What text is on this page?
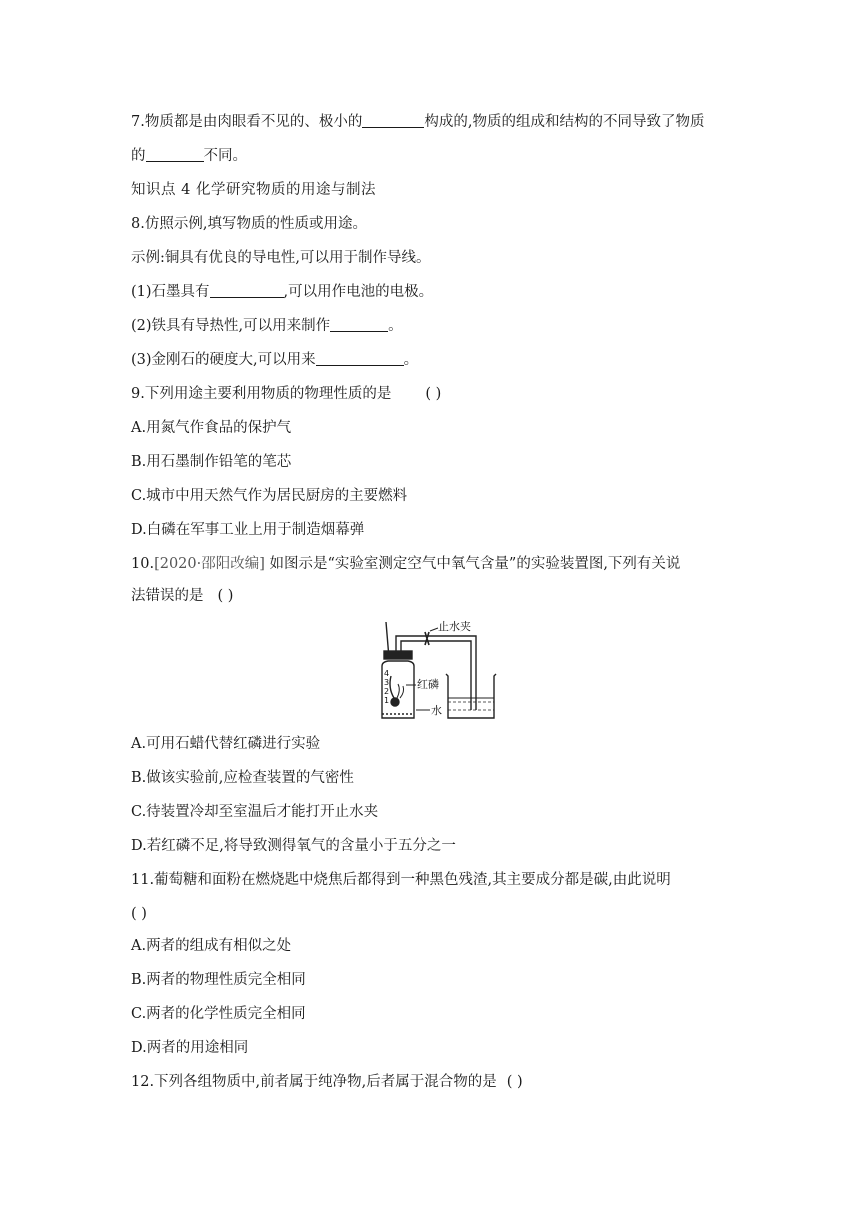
7.物质都是由肉眼看不见的、极小的	构成的,物质的组成和结构的不同导致了物质
的	不同。
知识点 4 化学研究物质的用途与制法
8.仿照示例,填写物质的性质或用途。
示例:铜具有优良的导电性,可以用于制作导线。
(1)石墨具有	,可以用作电池的电极。
(2)铁具有导热性,可以用来制作	。
(3)金刚石的硬度大,可以用来	。
9.下列用途主要利用物质的物理性质的是 ( )
A.用氮气作食品的保护气
B.用石墨制作铅笔的笔芯
C.城市中用天然气作为居民厨房的主要燃料
D.白磷在军事工业上用于制造烟幕弹
10.[2020·邵阳改编] 如图示是“实验室测定空气中氧气含量”的实验装置图,下列有关说
法错误的是 ( )
止水夹
红磷
水
4
3
2
1
A.可用石蜡代替红磷进行实验
B.做该实验前,应检查装置的气密性
C.待装置冷却至室温后才能打开止水夹
D.若红磷不足,将导致测得氧气的含量小于五分之一
11.葡萄糖和面粉在燃烧匙中烧焦后都得到一种黑色残渣,其主要成分都是碳,由此说明
( )
A.两者的组成有相似之处
B.两者的物理性质完全相同
C.两者的化学性质完全相同
D.两者的用途相同
12.下列各组物质中,前者属于纯净物,后者属于混合物的是 ( )
